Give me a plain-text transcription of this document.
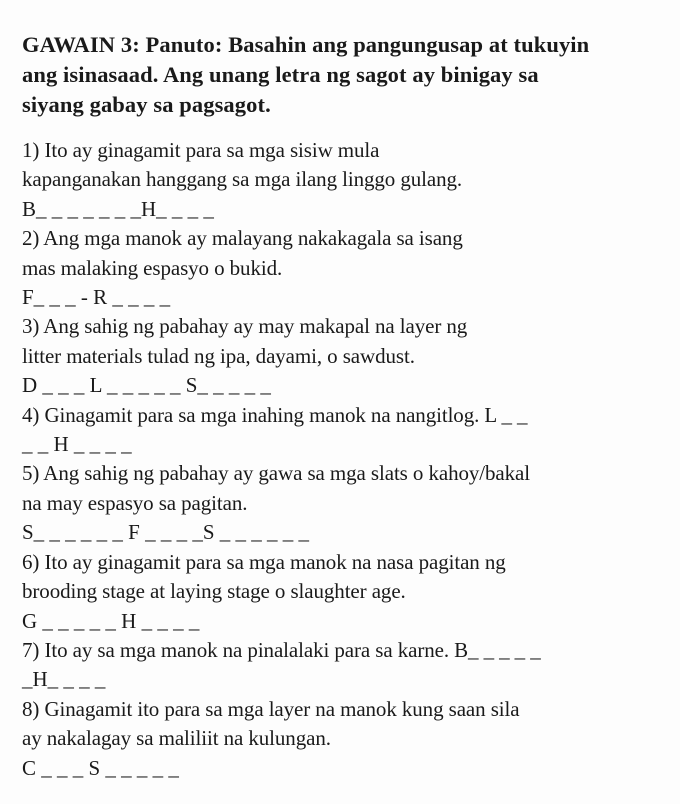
GAWAIN 3: Panuto: Basahin ang pangungusap at tukuyin
ang isinasaad. Ang unang letra ng sagot ay binigay sa
siyang gabay sa pagsagot.
1) Ito ay ginagamit para sa mga sisiw mula
kapanganakan hanggang sa mga ilang linggo gulang.
B_ _ _ _ _ _ _H_ _ _ _
2) Ang mga manok ay malayang nakakagala sa isang
mas malaking espasyo o bukid.
F_ _ _ - R _ _ _ _
3) Ang sahig ng pabahay ay may makapal na layer ng
litter materials tulad ng ipa, dayami, o sawdust.
D _ _ _ L _ _ _ _ _ S_ _ _ _ _
4) Ginagamit para sa mga inahing manok na nangitlog. L _ _
_ _ H _ _ _ _
5) Ang sahig ng pabahay ay gawa sa mga slats o kahoy/bakal
na may espasyo sa pagitan.
S_ _ _ _ _ _ F _ _ _ _S _ _ _ _ _ _
6) Ito ay ginagamit para sa mga manok na nasa pagitan ng
brooding stage at laying stage o slaughter age.
G _ _ _ _ _ H _ _ _ _
7) Ito ay sa mga manok na pinalalaki para sa karne. B_ _ _ _ _
_H_ _ _ _
8) Ginagamit ito para sa mga layer na manok kung saan sila
ay nakalagay sa maliliit na kulungan.
C _ _ _ S _ _ _ _ _
